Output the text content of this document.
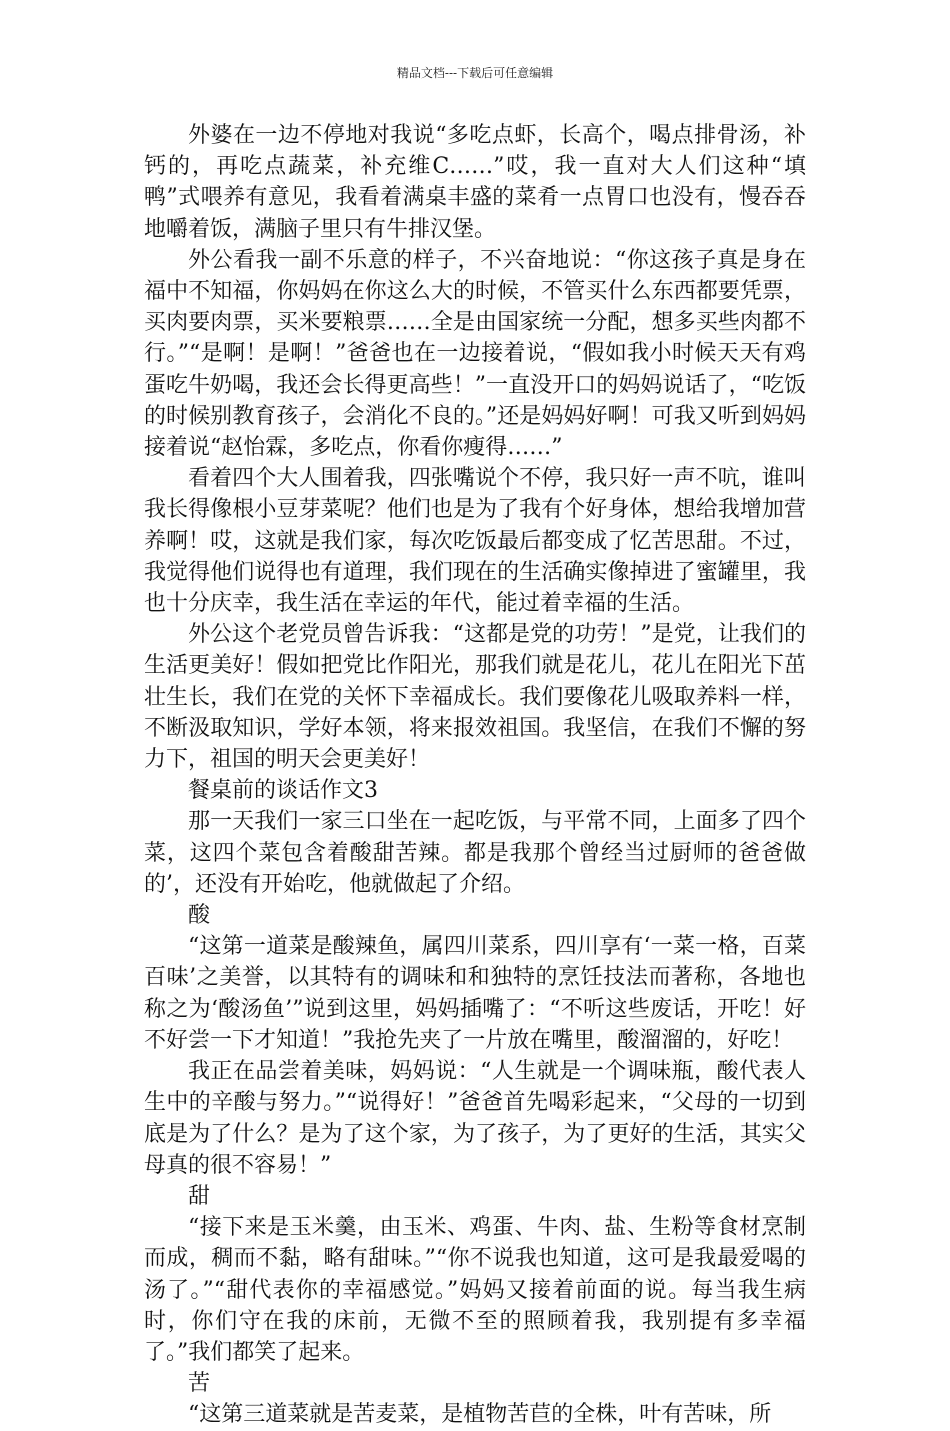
精品文档---下载后可任意编辑

外婆在一边不停地对我说“多吃点虾，长高个，喝点排骨汤，补钙的，再吃点蔬菜，补充维C……”哎，我一直对大人们这种“填鸭”式喂养有意见，我看着满桌丰盛的菜肴一点胃口也没有，慢吞吞地嚼着饭，满脑子里只有牛排汉堡。

外公看我一副不乐意的样子，不兴奋地说：“你这孩子真是身在福中不知福，你妈妈在你这么大的时候，不管买什么东西都要凭票，买肉要肉票，买米要粮票……全是由国家统一分配，想多买些肉都不行。”“是啊！是啊！”爸爸也在一边接着说，“假如我小时候天天有鸡蛋吃牛奶喝，我还会长得更高些！”一直没开口的妈妈说话了，“吃饭的时候别教育孩子，会消化不良的。”还是妈妈好啊！可我又听到妈妈接着说“赵怡霖，多吃点，你看你瘦得……”

看着四个大人围着我，四张嘴说个不停，我只好一声不吭，谁叫我长得像根小豆芽菜呢？他们也是为了我有个好身体，想给我增加营养啊！哎，这就是我们家，每次吃饭最后都变成了忆苦思甜。不过，我觉得他们说得也有道理，我们现在的生活确实像掉进了蜜罐里，我也十分庆幸，我生活在幸运的年代，能过着幸福的生活。

外公这个老党员曾告诉我：“这都是党的功劳！”是党，让我们的生活更美好！假如把党比作阳光，那我们就是花儿，花儿在阳光下茁壮生长，我们在党的关怀下幸福成长。我们要像花儿吸取养料一样，不断汲取知识，学好本领，将来报效祖国。我坚信，在我们不懈的努力下，祖国的明天会更美好！

餐桌前的谈话作文3

那一天我们一家三口坐在一起吃饭，与平常不同，上面多了四个菜，这四个菜包含着酸甜苦辣。都是我那个曾经当过厨师的爸爸做的’，还没有开始吃，他就做起了介绍。

酸

“这第一道菜是酸辣鱼，属四川菜系，四川享有‘一菜一格，百菜百味’之美誉，以其特有的调味和和独特的烹饪技法而著称，各地也称之为‘酸汤鱼’”说到这里，妈妈插嘴了：“不听这些废话，开吃！好不好尝一下才知道！”我抢先夹了一片放在嘴里，酸溜溜的，好吃！

我正在品尝着美味，妈妈说：“人生就是一个调味瓶，酸代表人生中的辛酸与努力。”“说得好！”爸爸首先喝彩起来，“父母的一切到底是为了什么？是为了这个家，为了孩子，为了更好的生活，其实父母真的很不容易！”

甜

“接下来是玉米羹，由玉米、鸡蛋、牛肉、盐、生粉等食材烹制而成，稠而不黏，略有甜味。”“你不说我也知道，这可是我最爱喝的汤了。”“甜代表你的幸福感觉。”妈妈又接着前面的说。每当我生病时，你们守在我的床前，无微不至的照顾着我，我别提有多幸福了。”我们都笑了起来。

苦

“这第三道菜就是苦麦菜，是植物苦苣的全株，叶有苦味，所
